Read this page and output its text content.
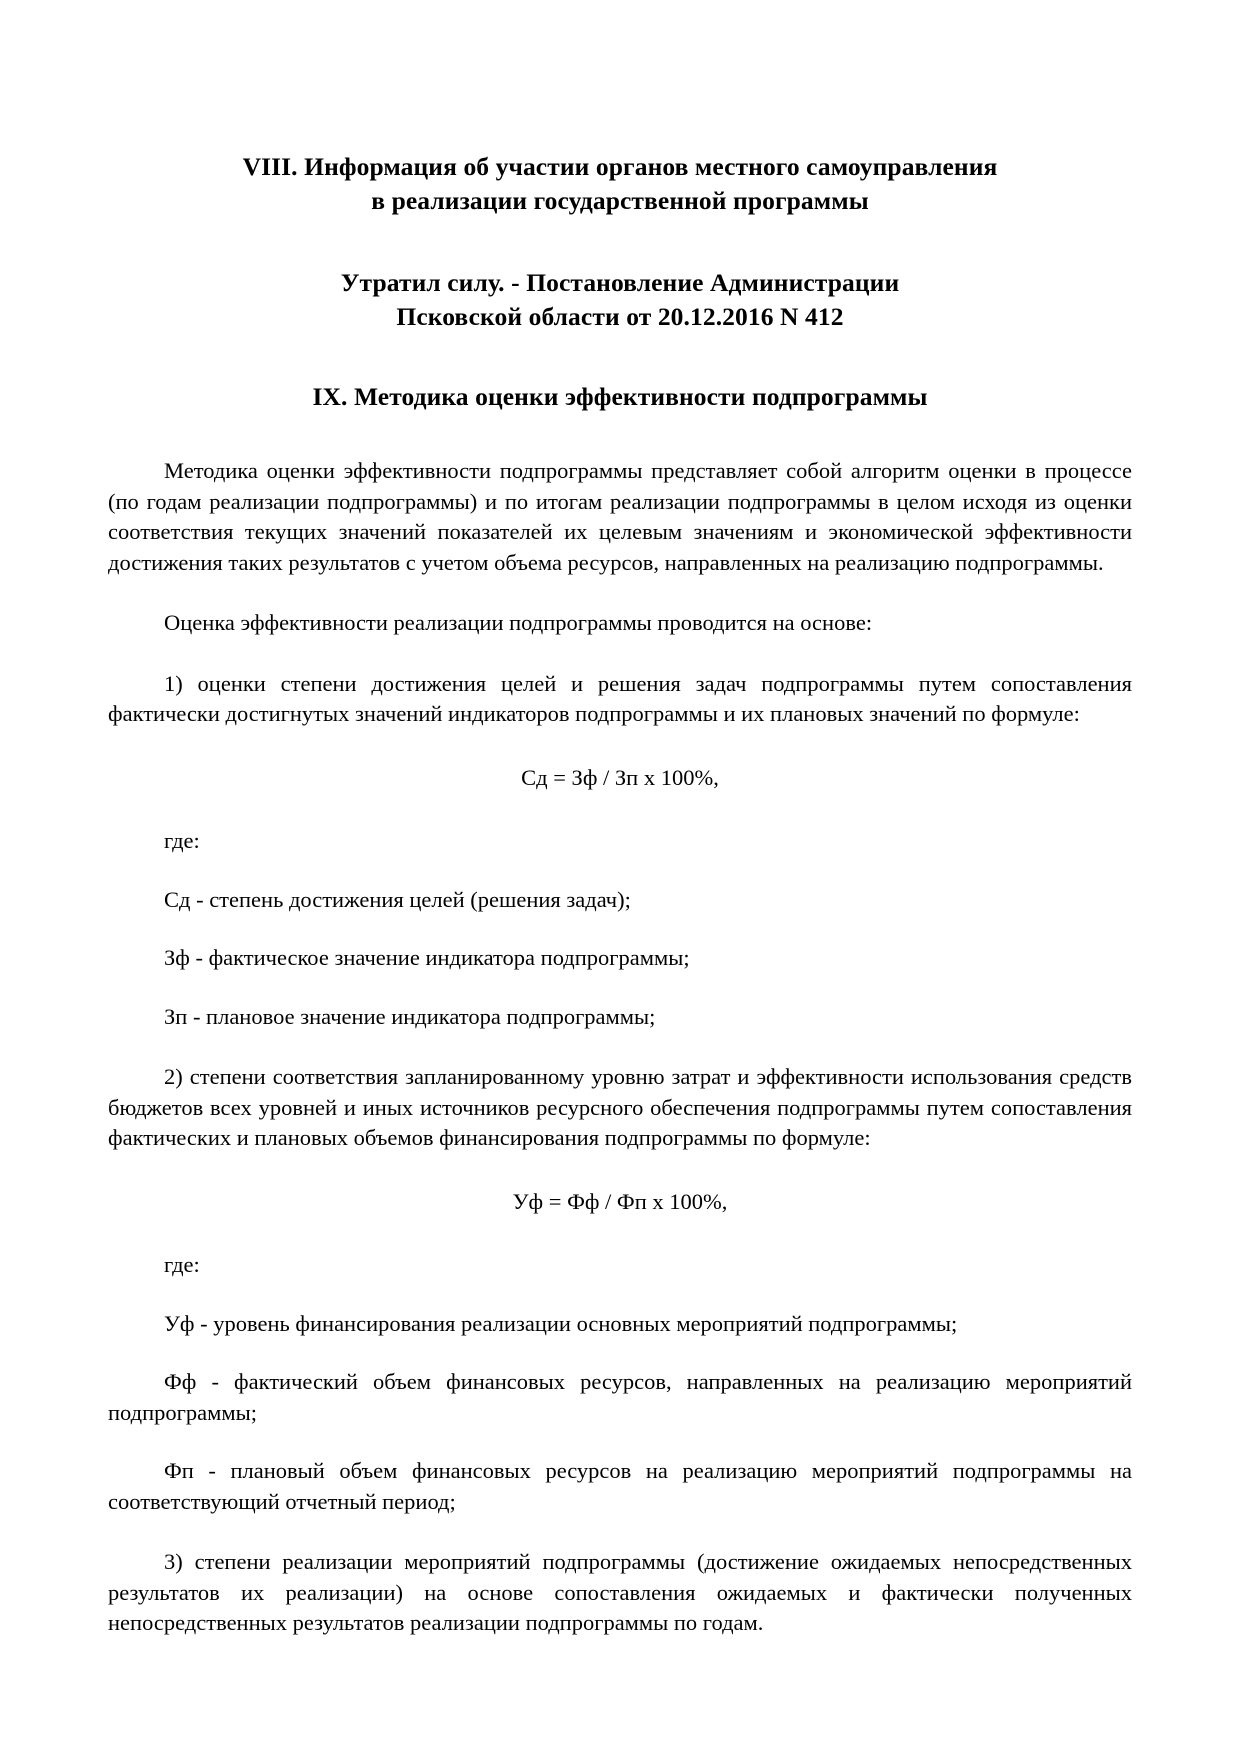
VIII. Информация об участии органов местного самоуправления
в реализации государственной программы
Утратил силу. - Постановление Администрации
Псковской области от 20.12.2016 N 412
IX. Методика оценки эффективности подпрограммы

Методика оценки эффективности подпрограммы представляет собой алгоритм оценки в процессе (по годам реализации подпрограммы) и по итогам реализации подпрограммы в целом исходя из оценки соответствия текущих значений показателей их целевым значениям и экономической эффективности достижения таких результатов с учетом объема ресурсов, направленных на реализацию подпрограммы.

Оценка эффективности реализации подпрограммы проводится на основе:

1) оценки степени достижения целей и решения задач подпрограммы путем сопоставления фактически достигнутых значений индикаторов подпрограммы и их плановых значений по формуле:

Сд = Зф / Зп х 100%,

где:

Сд - степень достижения целей (решения задач);

Зф - фактическое значение индикатора подпрограммы;

Зп - плановое значение индикатора подпрограммы;

2) степени соответствия запланированному уровню затрат и эффективности использования средств бюджетов всех уровней и иных источников ресурсного обеспечения подпрограммы путем сопоставления фактических и плановых объемов финансирования подпрограммы по формуле:

Уф = Фф / Фп х 100%,

где:

Уф - уровень финансирования реализации основных мероприятий подпрограммы;

Фф - фактический объем финансовых ресурсов, направленных на реализацию мероприятий подпрограммы;

Фп - плановый объем финансовых ресурсов на реализацию мероприятий подпрограммы на соответствующий отчетный период;

3) степени реализации мероприятий подпрограммы (достижение ожидаемых непосредственных результатов их реализации) на основе сопоставления ожидаемых и фактически полученных непосредственных результатов реализации подпрограммы по годам.
